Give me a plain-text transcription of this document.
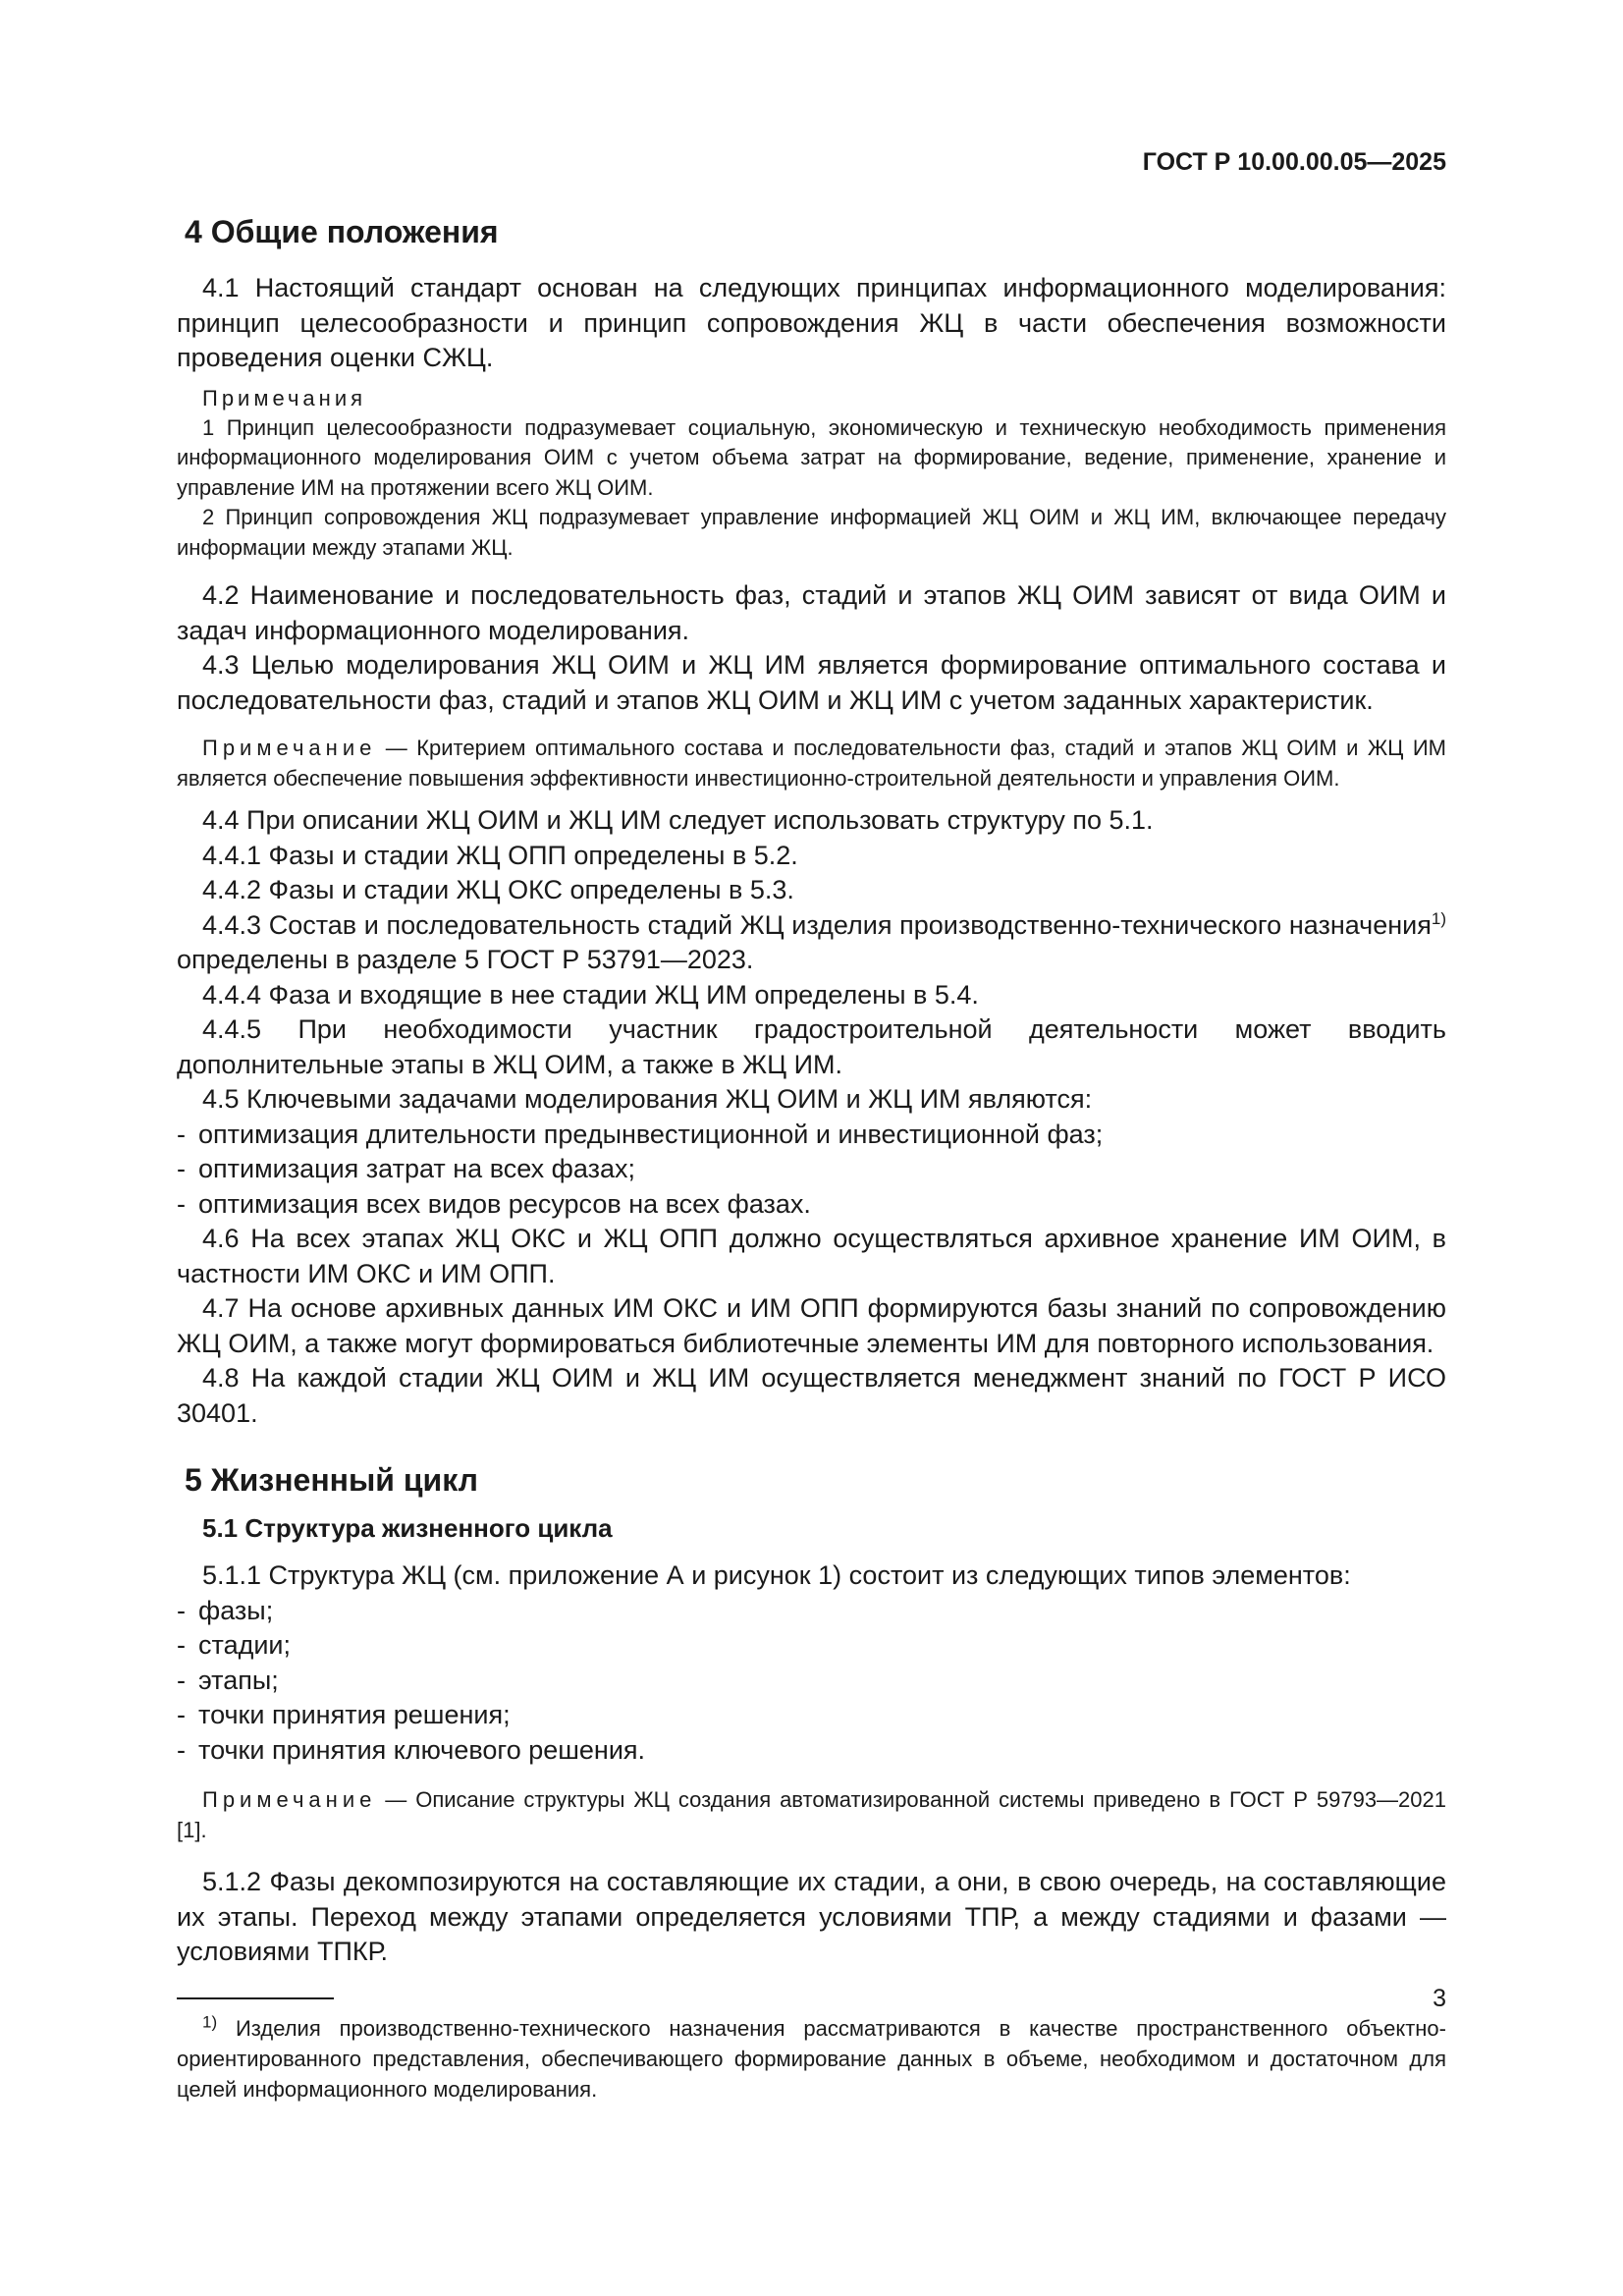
ГОСТ Р 10.00.00.05—2025
4 Общие положения

4.1 Настоящий стандарт основан на следующих принципах информационного моделирования: принцип целесообразности и принцип сопровождения ЖЦ в части обеспечения возможности проведения оценки СЖЦ.

Примечания

1 Принцип целесообразности подразумевает социальную, экономическую и техническую необходимость применения информационного моделирования ОИМ с учетом объема затрат на формирование, ведение, применение, хранение и управление ИМ на протяжении всего ЖЦ ОИМ.

2 Принцип сопровождения ЖЦ подразумевает управление информацией ЖЦ ОИМ и ЖЦ ИМ, включающее передачу информации между этапами ЖЦ.

4.2 Наименование и последовательность фаз, стадий и этапов ЖЦ ОИМ зависят от вида ОИМ и задач информационного моделирования.

4.3 Целью моделирования ЖЦ ОИМ и ЖЦ ИМ является формирование оптимального состава и последовательности фаз, стадий и этапов ЖЦ ОИМ и ЖЦ ИМ с учетом заданных характеристик.

Примечание — Критерием оптимального состава и последовательности фаз, стадий и этапов ЖЦ ОИМ и ЖЦ ИМ является обеспечение повышения эффективности инвестиционно-строительной деятельности и управления ОИМ.

4.4 При описании ЖЦ ОИМ и ЖЦ ИМ следует использовать структуру по 5.1.

4.4.1 Фазы и стадии ЖЦ ОПП определены в 5.2.

4.4.2 Фазы и стадии ЖЦ ОКС определены в 5.3.

4.4.3 Состав и последовательность стадий ЖЦ изделия производственно-технического назначения$^{1)}$ определены в разделе 5 ГОСТ Р 53791—2023.

4.4.4 Фаза и входящие в нее стадии ЖЦ ИМ определены в 5.4.

4.4.5 При необходимости участник градостроительной деятельности может вводить дополнительные этапы в ЖЦ ОИМ, а также в ЖЦ ИМ.

4.5 Ключевыми задачами моделирования ЖЦ ОИМ и ЖЦ ИМ являются:

- оптимизация длительности предынвестиционной и инвестиционной фаз;
- оптимизация затрат на всех фазах;
- оптимизация всех видов ресурсов на всех фазах.

4.6 На всех этапах ЖЦ ОКС и ЖЦ ОПП должно осуществляться архивное хранение ИМ ОИМ, в частности ИМ ОКС и ИМ ОПП.

4.7 На основе архивных данных ИМ ОКС и ИМ ОПП формируются базы знаний по сопровождению ЖЦ ОИМ, а также могут формироваться библиотечные элементы ИМ для повторного использования.

4.8 На каждой стадии ЖЦ ОИМ и ЖЦ ИМ осуществляется менеджмент знаний по ГОСТ Р ИСО 30401.

5 Жизненный цикл
5.1 Структура жизненного цикла

5.1.1 Структура ЖЦ (см. приложение А и рисунок 1) состоит из следующих типов элементов:

- фазы;
- стадии;
- этапы;
- точки принятия решения;
- точки принятия ключевого решения.

Примечание — Описание структуры ЖЦ создания автоматизированной системы приведено в ГОСТ Р 59793—2021 [1].

5.1.2 Фазы декомпозируются на составляющие их стадии, а они, в свою очередь, на составляющие их этапы. Переход между этапами определяется условиями ТПР, а между стадиями и фазами — условиями ТПКР.

$^{1)}$ Изделия производственно-технического назначения рассматриваются в качестве пространственного объектно-ориентированного представления, обеспечивающего формирование данных в объеме, необходимом и достаточном для целей информационного моделирования.

3
